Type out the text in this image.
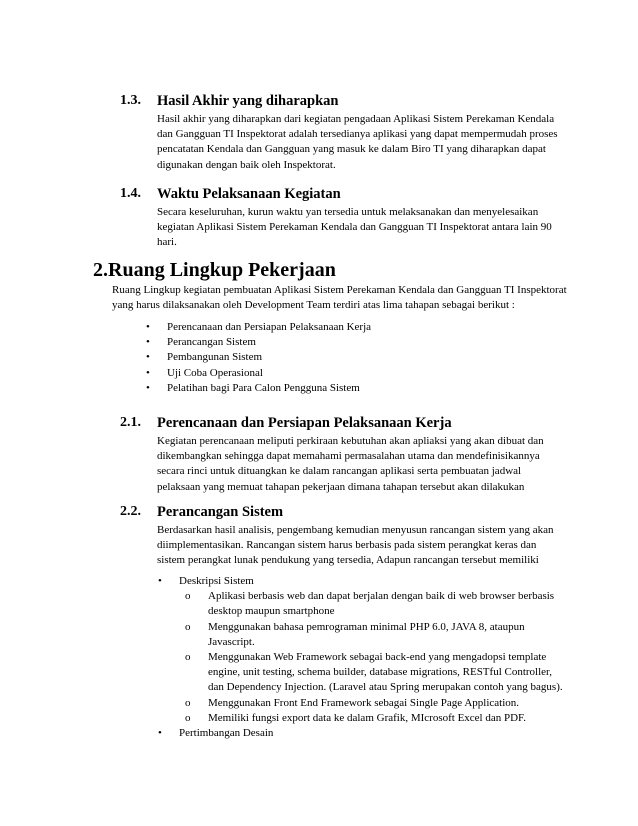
1.3. Hasil Akhir yang diharapkan
Hasil akhir yang diharapkan dari kegiatan pengadaan Aplikasi Sistem Perekaman Kendala dan Gangguan TI Inspektorat adalah tersedianya aplikasi yang dapat mempermudah proses pencatatan Kendala dan Gangguan yang masuk ke dalam Biro TI yang diharapkan dapat digunakan dengan baik oleh Inspektorat.
1.4. Waktu Pelaksanaan Kegiatan
Secara keseluruhan, kurun waktu yan tersedia untuk melaksanakan dan menyelesaikan kegiatan Aplikasi Sistem Perekaman Kendala dan Gangguan TI Inspektorat antara lain 90 hari.
2.Ruang Lingkup Pekerjaan
Ruang Lingkup kegiatan pembuatan Aplikasi Sistem Perekaman Kendala dan Gangguan TI Inspektorat yang harus dilaksanakan oleh Development Team terdiri atas lima tahapan sebagai berikut :
• Perencanaan dan Persiapan Pelaksanaan Kerja
• Perancangan Sistem
• Pembangunan Sistem
• Uji Coba Operasional
• Pelatihan bagi Para Calon Pengguna Sistem
2.1. Perencanaan dan Persiapan Pelaksanaan Kerja
Kegiatan perencanaan meliputi perkiraan kebutuhan akan apliaksi yang akan dibuat dan dikembangkan sehingga dapat memahami permasalahan utama dan mendefinisikannya secara rinci untuk dituangkan ke dalam rancangan aplikasi serta pembuatan jadwal pelaksaan yang memuat tahapan pekerjaan dimana tahapan tersebut akan dilakukan
2.2. Perancangan Sistem
Berdasarkan hasil analisis, pengembang kemudian menyusun rancangan sistem yang akan diimplementasikan. Rancangan sistem harus berbasis pada sistem perangkat keras dan sistem perangkat lunak pendukung yang tersedia, Adapun rancangan tersebut memiliki
• Deskripsi Sistem
o Aplikasi berbasis web dan dapat berjalan dengan baik di web browser berbasis desktop maupun smartphone
o Menggunakan bahasa pemrograman minimal PHP 6.0, JAVA 8, ataupun Javascript.
o Menggunakan Web Framework sebagai back-end yang mengadopsi template engine, unit testing, schema builder, database migrations, RESTful Controller, dan Dependency Injection. (Laravel atau Spring merupakan contoh yang bagus).
o Menggunakan Front End Framework sebagai Single Page Application.
o Memiliki fungsi export data ke dalam Grafik, MIcrosoft Excel dan PDF.
• Pertimbangan Desain
